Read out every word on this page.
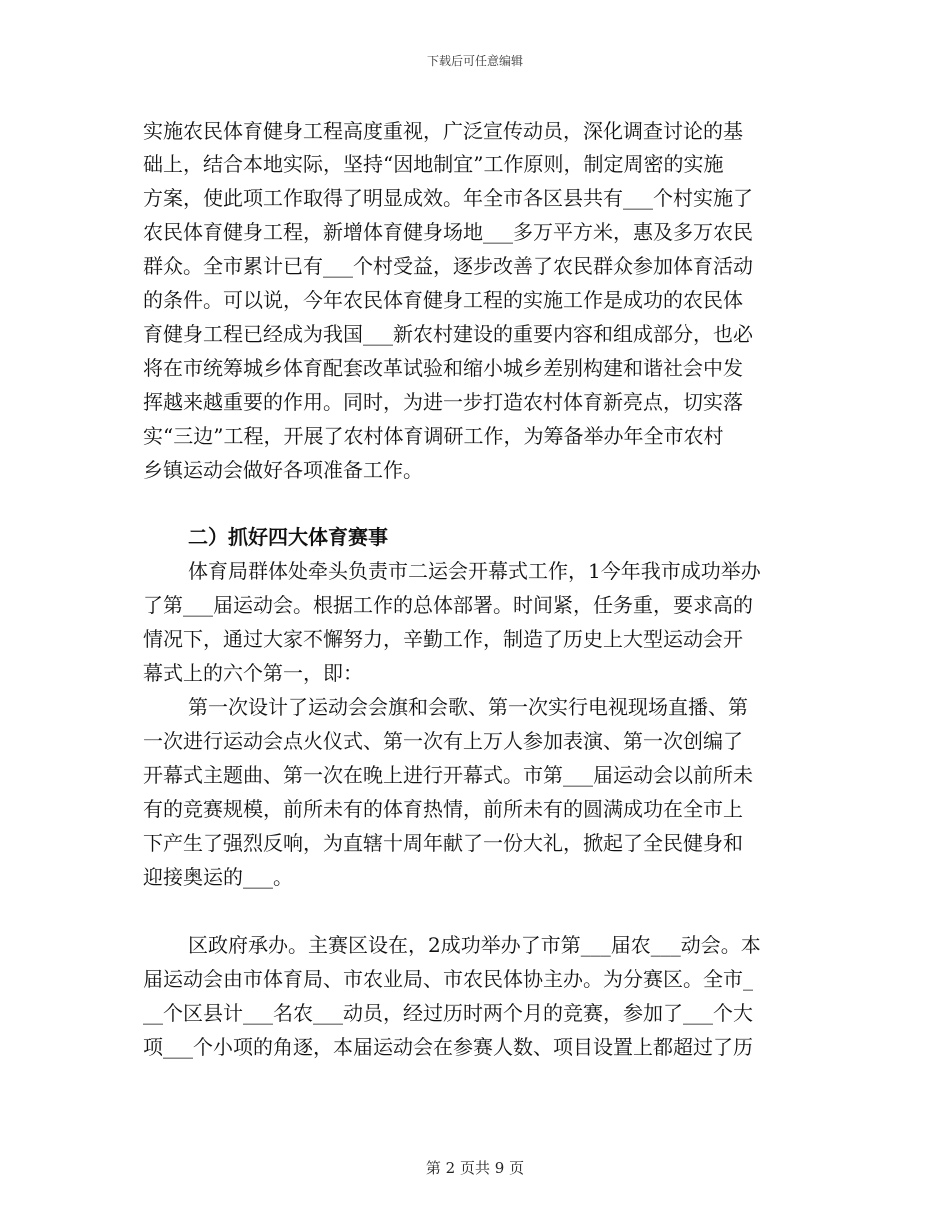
下载后可任意编辑
实施农民体育健身工程高度重视，广泛宣传动员，深化调查讨论的基
础上，结合本地实际，坚持“因地制宜”工作原则，制定周密的实施
方案，使此项工作取得了明显成效。年全市各区县共有___个村实施了
农民体育健身工程，新增体育健身场地___多万平方米，惠及多万农民
群众。全市累计已有___个村受益，逐步改善了农民群众参加体育活动
的条件。可以说，今年农民体育健身工程的实施工作是成功的农民体
育健身工程已经成为我国___新农村建设的重要内容和组成部分，也必
将在市统筹城乡体育配套改革试验和缩小城乡差别构建和谐社会中发
挥越来越重要的作用。同时，为进一步打造农村体育新亮点，切实落
实“三边”工程，开展了农村体育调研工作，为筹备举办年全市农村
乡镇运动会做好各项准备工作。
二）抓好四大体育赛事
体育局群体处牵头负责市二运会开幕式工作，1今年我市成功举办
了第___届运动会。根据工作的总体部署。时间紧，任务重，要求高的
情况下，通过大家不懈努力，辛勤工作，制造了历史上大型运动会开
幕式上的六个第一，即：
第一次设计了运动会会旗和会歌、第一次实行电视现场直播、第
一次进行运动会点火仪式、第一次有上万人参加表演、第一次创编了
开幕式主题曲、第一次在晚上进行开幕式。市第___届运动会以前所未
有的竞赛规模，前所未有的体育热情，前所未有的圆满成功在全市上
下产生了强烈反响，为直辖十周年献了一份大礼，掀起了全民健身和
迎接奥运的___。
区政府承办。主赛区设在，2成功举办了市第___届农___动会。本
届运动会由市体育局、市农业局、市农民体协主办。为分赛区。全市_
__个区县计___名农___动员，经过历时两个月的竞赛，参加了___个大
项___个小项的角逐，本届运动会在参赛人数、项目设置上都超过了历
第 2 页共 9 页
